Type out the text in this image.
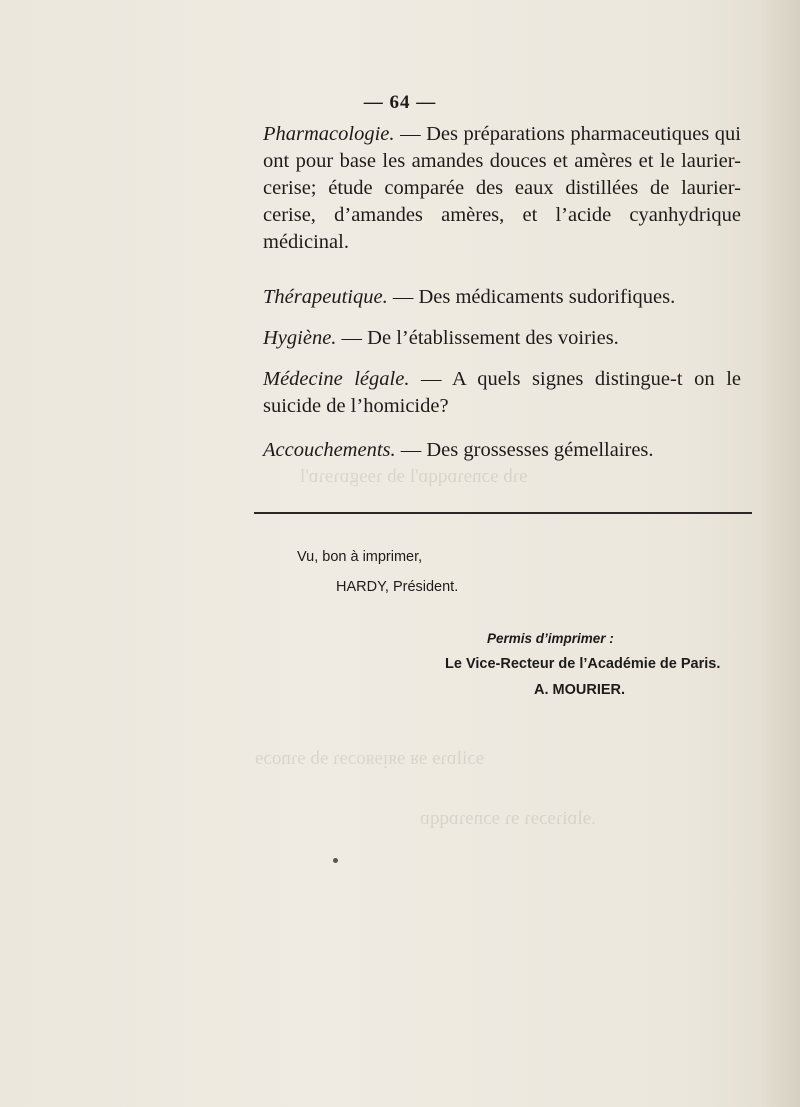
ɘɿb ɘɔnɘɿɒqqɒ'l ɘb ɿɘɘgɒɿɘɿɒ'l
ɘɔilɒɿɘ ɘᴚ ɘᴙᴉɘᴙoɔɘɿ ɘb ɘɿnoɔɘ
.ɘlɒiɿɘɔɘɿ ɘɿ ɘɔnɘɿɒqqɒ
— 64 —

Pharmacologie. — Des préparations pharmaceutiques qui ont pour base les amandes douces et amères et le laurier-cerise; étude comparée des eaux distillées de laurier-cerise, d’amandes amères, et l’acide cyanhydrique médicinal.

Thérapeutique. — Des médicaments sudorifiques.

Hygiène. — De l’établissement des voiries.

Médecine légale. — A quels signes distingue-t on le suicide de l’homicide?

Accouchements. — Des grossesses gémellaires.

Vu, bon à imprimer,
HARDY, Président.
Permis d’imprimer :
Le Vice-Recteur de l’Académie de Paris.
A. MOURIER.
